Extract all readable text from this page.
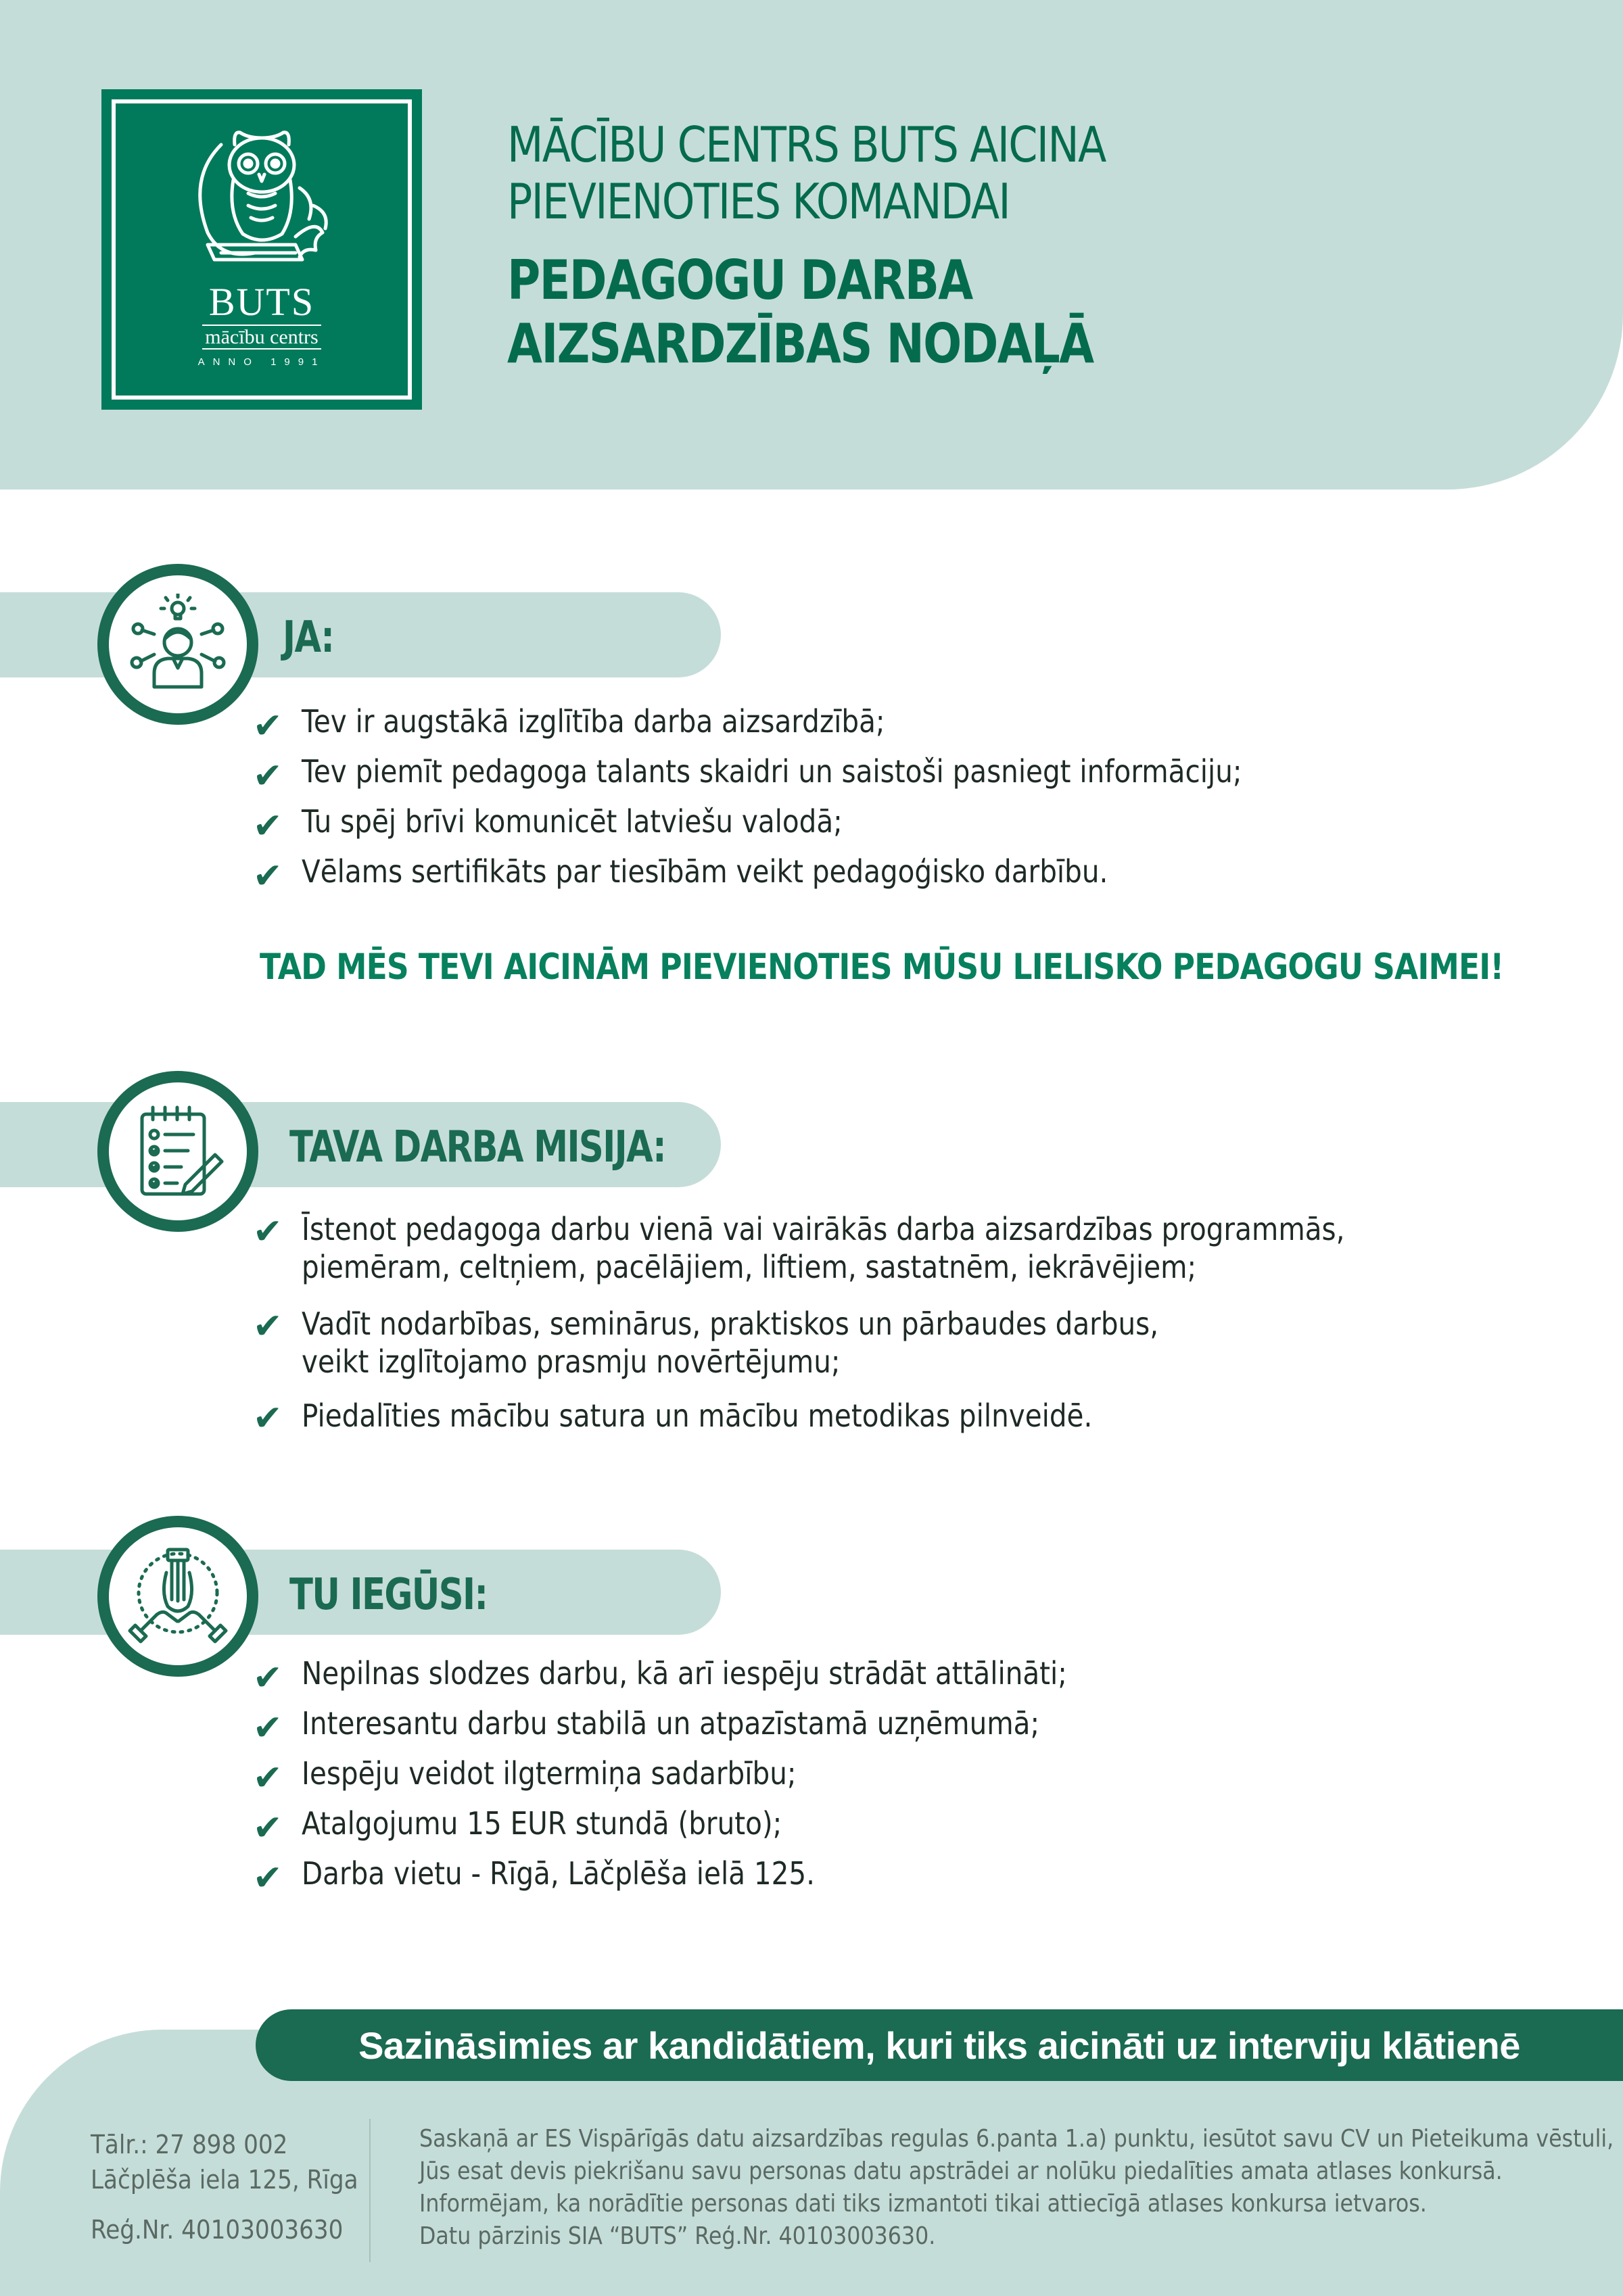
BUTS
mācību centrs
ANNO 1991
MĀCĪBU CENTRS BUTS AICINA
PIEVIENOTIES KOMANDAI
PEDAGOGU DARBA
AIZSARDZĪBAS NODAĻĀ
JA:
✔ Tev ir augstākā izglītība darba aizsardzībā;
✔ Tev piemīt pedagoga talants skaidri un saistoši pasniegt informāciju;
✔ Tu spēj brīvi komunicēt latviešu valodā;
✔ Vēlams sertifikāts par tiesībām veikt pedagoģisko darbību.
TAD MĒS TEVI AICINĀM PIEVIENOTIES MŪSU LIELISKO PEDAGOGU SAIMEI!
TAVA DARBA MISIJA:
✔ Īstenot pedagoga darbu vienā vai vairākās darba aizsardzības programmās,
piemēram, celtņiem, pacēlājiem, liftiem, sastatnēm, iekrāvējiem;
✔ Vadīt nodarbības, seminārus, praktiskos un pārbaudes darbus,
veikt izglītojamo prasmju novērtējumu;
✔ Piedalīties mācību satura un mācību metodikas pilnveidē.
TU IEGŪSI:
✔ Nepilnas slodzes darbu, kā arī iespēju strādāt attālināti;
✔ Interesantu darbu stabilā un atpazīstamā uzņēmumā;
✔ Iespēju veidot ilgtermiņa sadarbību;
✔ Atalgojumu 15 EUR stundā (bruto);
✔ Darba vietu - Rīgā, Lāčplēša ielā 125.
Sazināsimies ar kandidātiem, kuri tiks aicināti uz interviju klātienē
Tālr.: 27 898 002
Lāčplēša iela 125, Rīga
Reģ.Nr. 40103003630
Saskaņā ar ES Vispārīgās datu aizsardzības regulas 6.panta 1.a) punktu, iesūtot savu CV un Pieteikuma vēstuli,
Jūs esat devis piekrišanu savu personas datu apstrādei ar nolūku piedalīties amata atlases konkursā.
Informējam, ka norādītie personas dati tiks izmantoti tikai attiecīgā atlases konkursa ietvaros.
Datu pārzinis SIA “BUTS” Reģ.Nr. 40103003630.
